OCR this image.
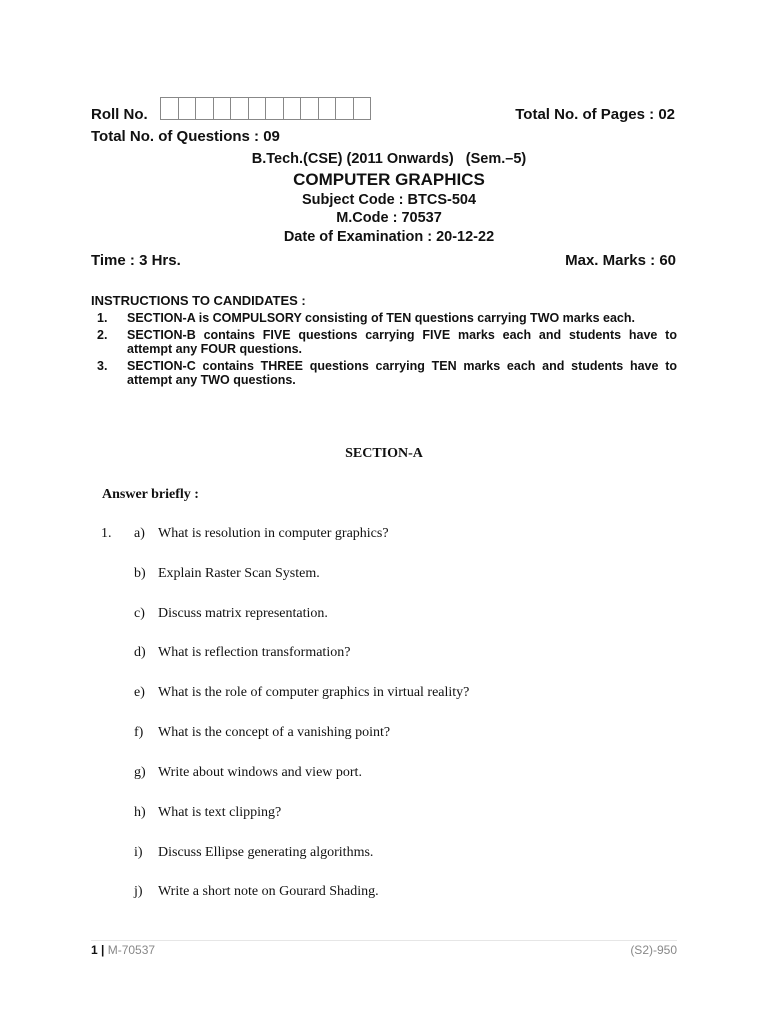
Roll No.	Total No. of Pages : 02
Total No. of Questions : 09
B.Tech.(CSE) (2011 Onwards)   (Sem.–5)
COMPUTER GRAPHICS
Subject Code : BTCS-504
M.Code : 70537
Date of Examination : 20-12-22
Time : 3 Hrs.	Max. Marks : 60
INSTRUCTIONS TO CANDIDATES :
1.	SECTION-A is COMPULSORY consisting of TEN questions carrying TWO marks each.
2.	SECTION-B contains FIVE questions carrying FIVE marks each and students have to attempt any FOUR questions.
3.	SECTION-C contains THREE questions carrying TEN marks each and students have to attempt any TWO questions.
SECTION-A
Answer briefly :
1. a) What is resolution in computer graphics?
b) Explain Raster Scan System.
c) Discuss matrix representation.
d) What is reflection transformation?
e) What is the role of computer graphics in virtual reality?
f) What is the concept of a vanishing point?
g) Write about windows and view port.
h) What is text clipping?
i) Discuss Ellipse generating algorithms.
j) Write a short note on Gourard Shading.
1 | M-70537	(S2)-950
